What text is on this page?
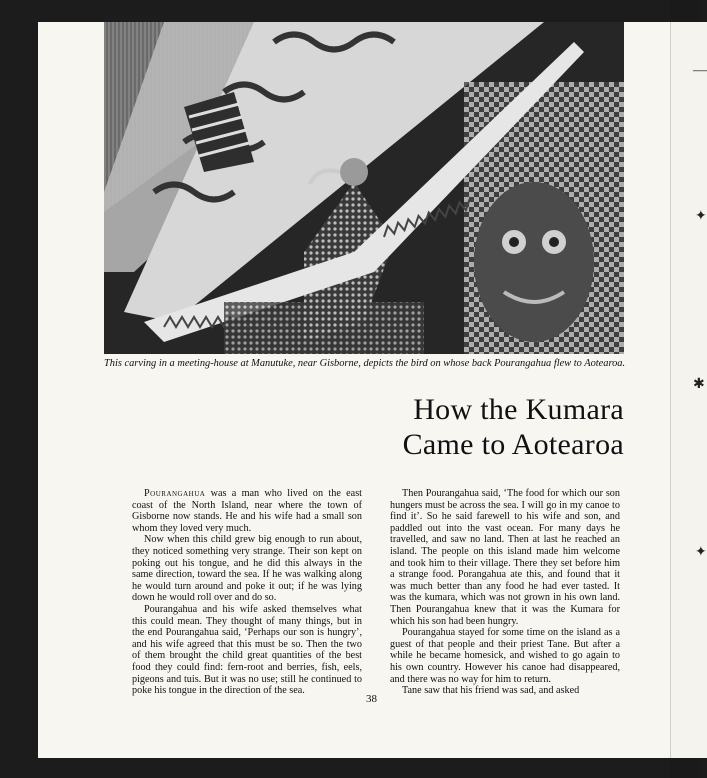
—
✦
✱
✦
This carving in a meeting-house at Manutuke, near Gisborne, depicts the bird on whose back Pourangahua flew to Aotearoa.
How the Kumara
Came to Aotearoa

Pourangahua was a man who lived on the east coast of the North Island, near where the town of Gisborne now stands. He and his wife had a small son whom they loved very much.

Now when this child grew big enough to run about, they noticed something very strange. Their son kept on poking out his tongue, and he did this always in the same direction, toward the sea. If he was walking along he would turn around and poke it out; if he was lying down he would roll over and do so.

Pourangahua and his wife asked themselves what this could mean. They thought of many things, but in the end Pourangahua said, ‘Perhaps our son is hungry’, and his wife agreed that this must be so. Then the two of them brought the child great quantities of the best food they could find: fern-root and berries, fish, eels, pigeons and tuis. But it was no use; still he continued to poke his tongue in the direction of the sea.

Then Pourangahua said, ‘The food for which our son hungers must be across the sea. I will go in my canoe to find it’. So he said farewell to his wife and son, and paddled out into the vast ocean. For many days he travelled, and saw no land. Then at last he reached an island. The people on this island made him welcome and took him to their village. There they set before him a strange food. Porangahua ate this, and found that it was much better than any food he had ever tasted. It was the kumara, which was not grown in his own land. Then Pourangahua knew that it was the Kumara for which his son had been hungry.

Pourangahua stayed for some time on the island as a guest of that people and their priest Tane. But after a while he became homesick, and wished to go again to his own country. However his canoe had disappeared, and there was no way for him to return.

Tane saw that his friend was sad, and asked

38
